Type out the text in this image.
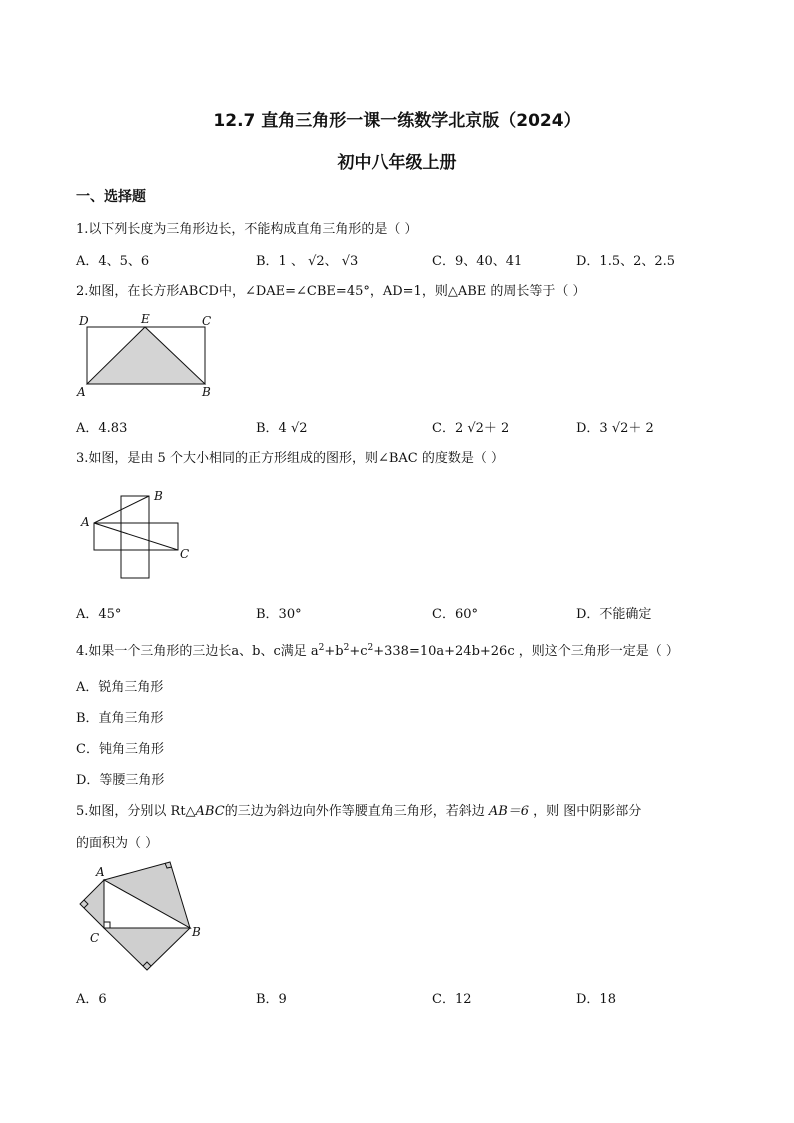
12.7 直角三角形一课一练数学北京版（2024）
初中八年级上册
一、选择题
1.以下列长度为三角形边长，不能构成直角三角形的是（ ）
A．4、5、6	B．1 、 √2、 √3	C．9、40、41	D．1.5、2、2.5
2.如图，在长方形ABCD中，∠DAE=∠CBE=45°，AD=1，则△ABE 的周长等于（ ）
D	E	C
A	B
A．4.83	B．4 √2	C．2 √2＋ 2	D．3 √2＋ 2
3.如图，是由 5 个大小相同的正方形组成的图形，则∠BAC 的度数是（ ）
A
B
C
A．45°	B．30°	C．60°	D．不能确定
4.如果一个三角形的三边长a、b、c满足 $a^2+b^2+c^2+338=10a+24b+26c$ ，则这个三角形一定是（ ）
A．锐角三角形
B．直角三角形
C．钝角三角形
D．等腰三角形
5.如图，分别以 Rt△ABC的三边为斜边向外作等腰直角三角形，若斜边 AB＝6 ，则 图中阴影部分
的面积为（ ）
A
C	B
A．6	B．9	C．12	D．18
